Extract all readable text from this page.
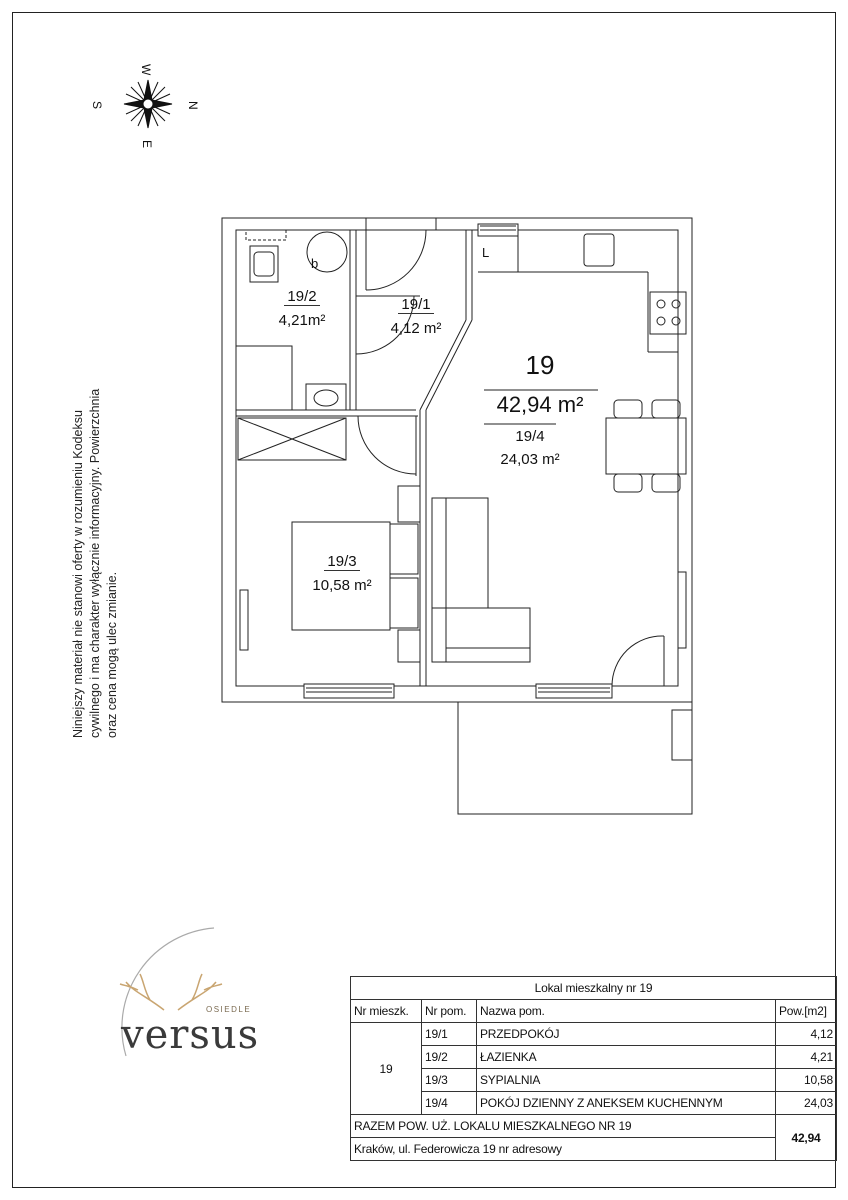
W
E
S	N
b
L
Niniejszy materiał nie stanowi oferty w rozumieniu Kodeksu cywilnego i ma charakter wyłącznie informacyjny. Powierzchnia oraz cena mogą ulec zmianie.
19/2
4,21m²
19/1
4,12 m²
19
42,94 m²
19/4
24,03 m²
19/3
10,58 m²
OSIEDLE
versus
Lokal mieszkalny nr 19			
Nr mieszk.	Nr pom.	Nazwa pom.	Pow.[m2]
19	19/1	PRZEDPOKÓJ	4,12
	19/2	ŁAZIENKA	4,21
	19/3	SYPIALNIA	10,58
	19/4	POKÓJ DZIENNY Z ANEKSEM KUCHENNYM	24,03
RAZEM POW. UŻ. LOKALU MIESZKALNEGO NR 19			42,94
Kraków, ul. Federowicza 19 nr adresowy			
